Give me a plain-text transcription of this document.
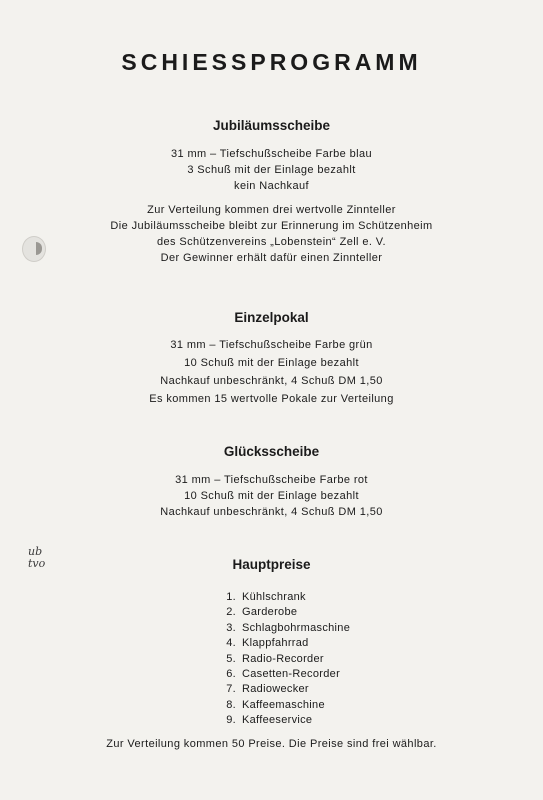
ub
tvo
SCHIESSPROGRAMM
Jubiläumsscheibe
31 mm – Tiefschußscheibe Farbe blau
3 Schuß mit der Einlage bezahlt
kein Nachkauf
Zur Verteilung kommen drei wertvolle Zinnteller
Die Jubiläumsscheibe bleibt zur Erinnerung im Schützenheim
des Schützenvereins „Lobenstein“ Zell e. V.
Der Gewinner erhält dafür einen Zinnteller
Einzelpokal
31 mm – Tiefschußscheibe Farbe grün
10 Schuß mit der Einlage bezahlt
Nachkauf unbeschränkt, 4 Schuß DM 1,50
Es kommen 15 wertvolle Pokale zur Verteilung
Glücksscheibe
31 mm – Tiefschußscheibe Farbe rot
10 Schuß mit der Einlage bezahlt
Nachkauf unbeschränkt, 4 Schuß DM 1,50
Hauptpreise
1. Kühlschrank
2. Garderobe
3. Schlagbohrmaschine
4. Klappfahrrad
5. Radio-Recorder
6. Casetten-Recorder
7. Radiowecker
8. Kaffeemaschine
9. Kaffeeservice
Zur Verteilung kommen 50 Preise. Die Preise sind frei wählbar.
